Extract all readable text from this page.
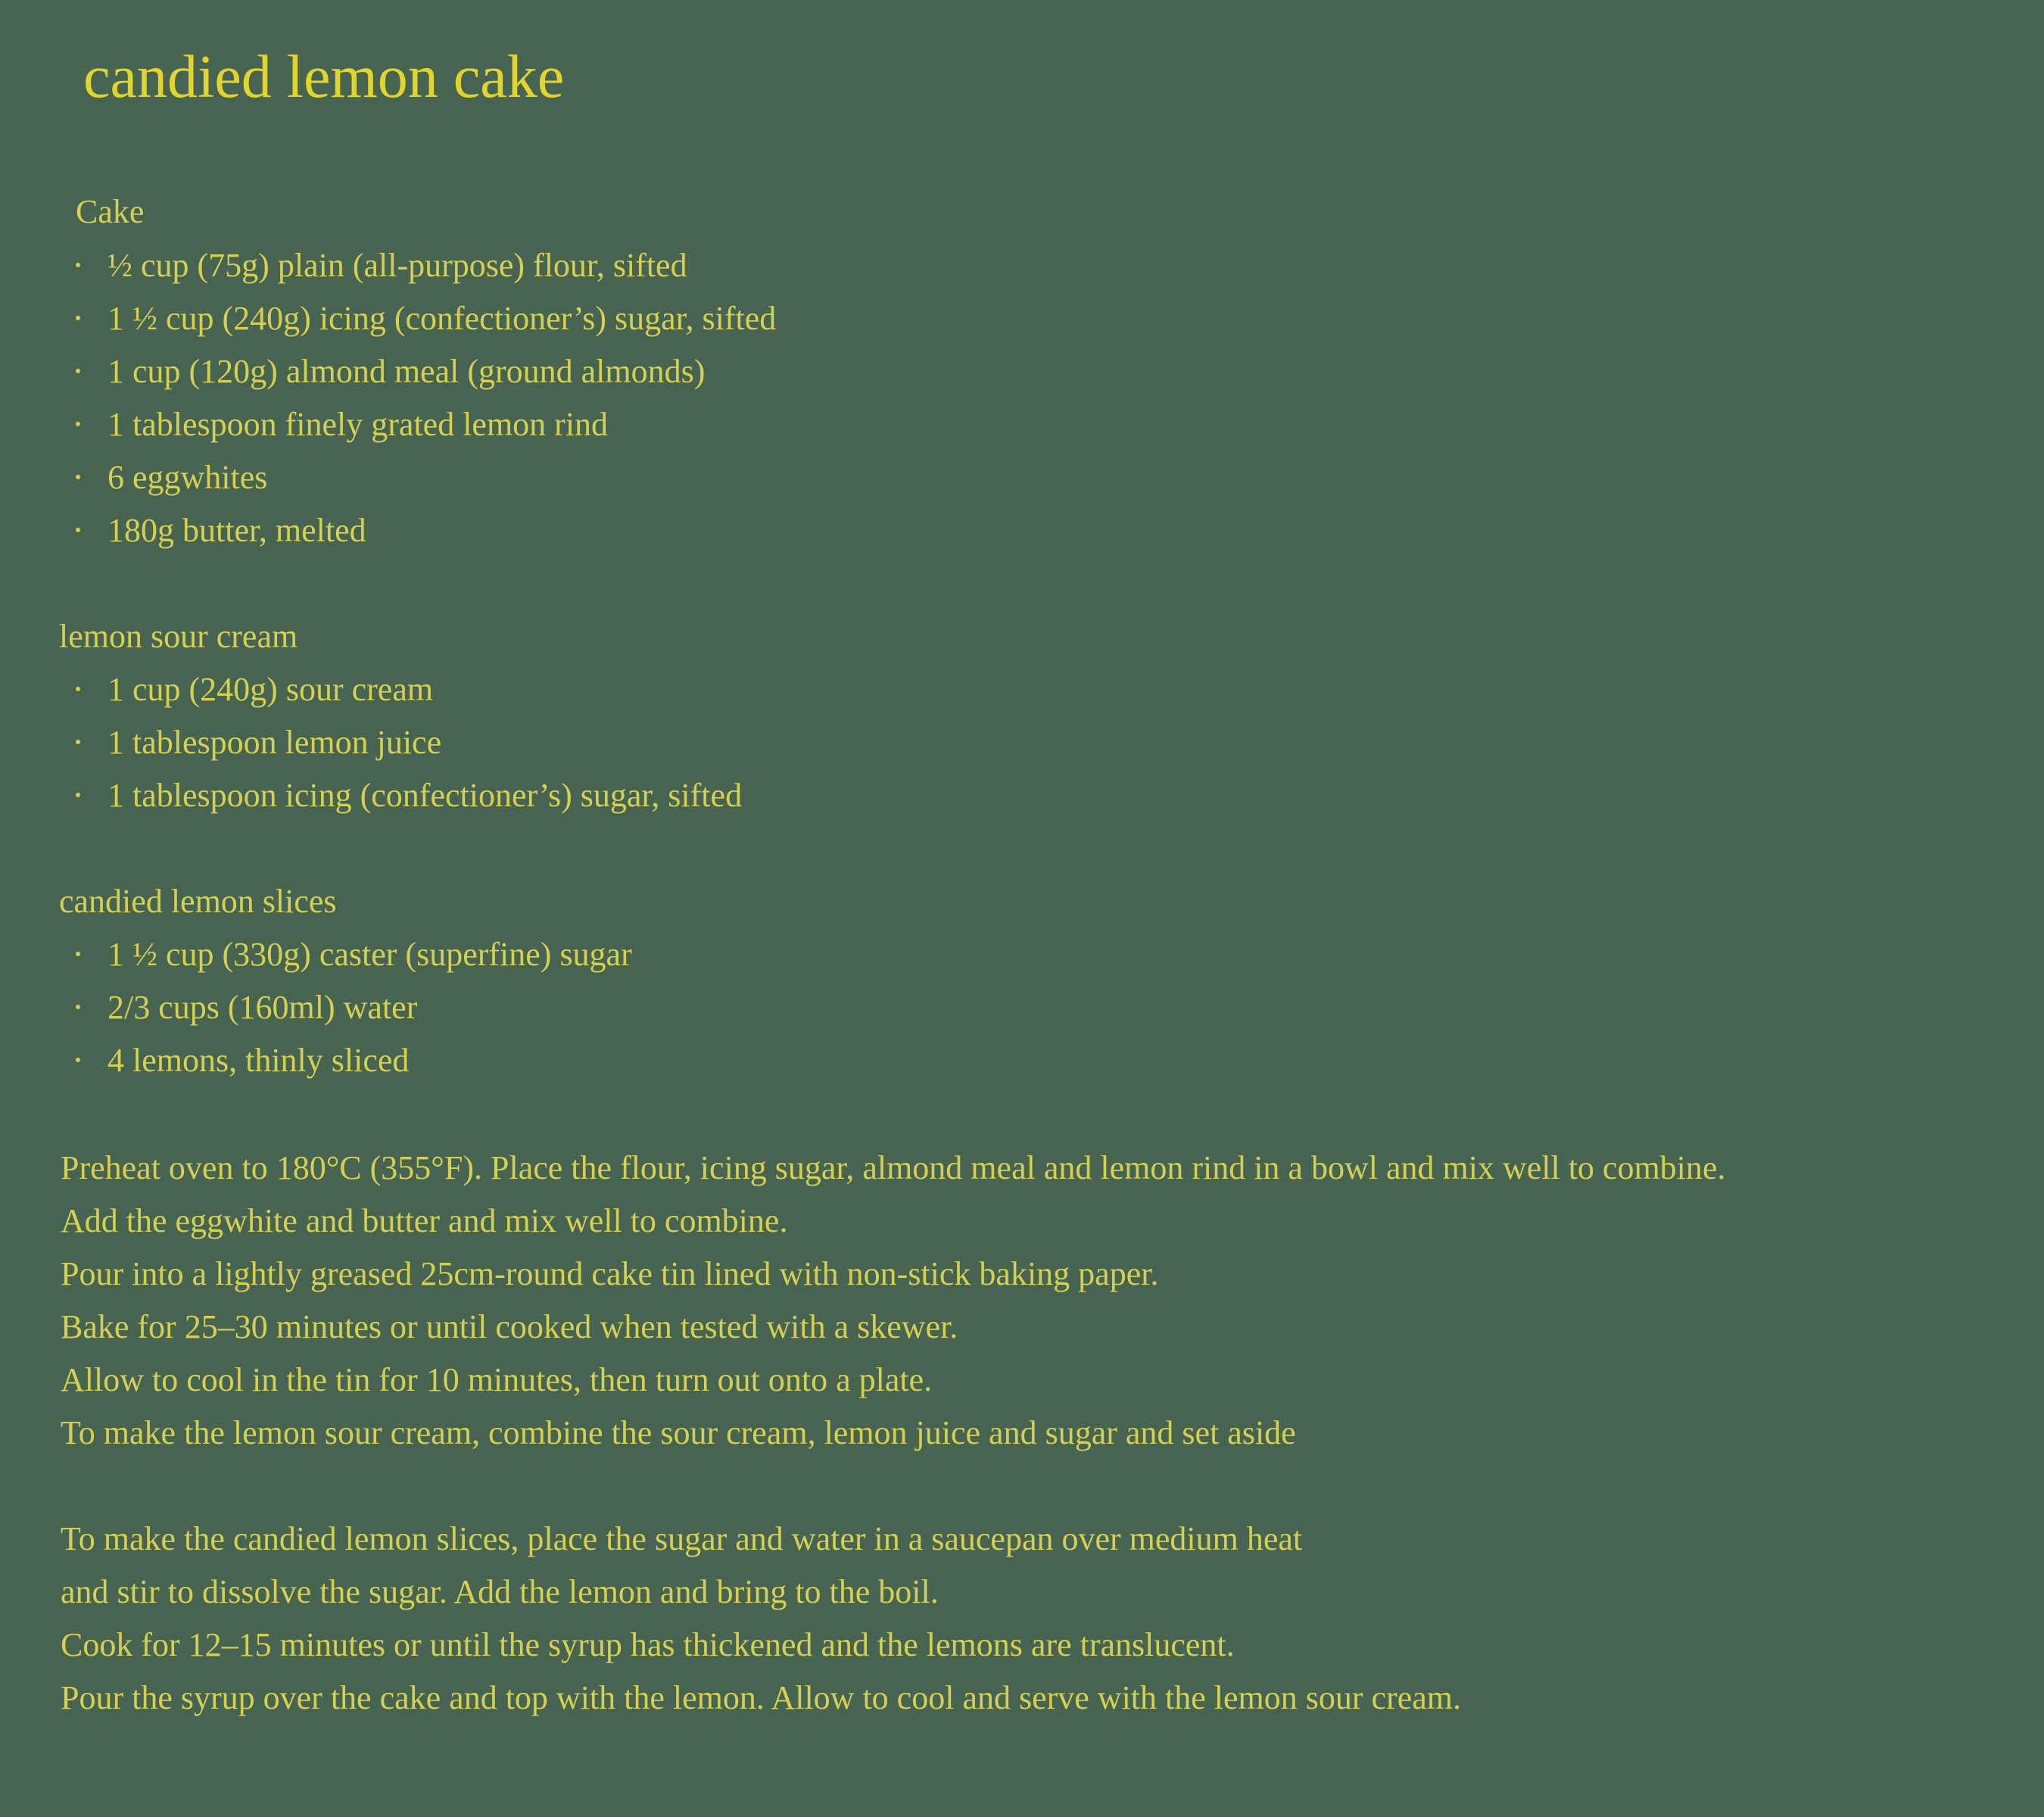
candied lemon cake
Cake
½ cup (75g) plain (all-purpose) flour, sifted
1 ½ cup (240g) icing (confectioner’s) sugar, sifted
1 cup (120g) almond meal (ground almonds)
1 tablespoon finely grated lemon rind
6 eggwhites
180g butter, melted
lemon sour cream
1 cup (240g) sour cream
1 tablespoon lemon juice
1 tablespoon icing (confectioner’s) sugar, sifted
candied lemon slices
1 ½ cup (330g) caster (superfine) sugar
2/3 cups (160ml) water
4 lemons, thinly sliced
Preheat oven to 180°C (355°F). Place the flour, icing sugar, almond meal and lemon rind in a bowl and mix well to combine.
Add the eggwhite and butter and mix well to combine.
Pour into a lightly greased 25cm-round cake tin lined with non-stick baking paper.
Bake for 25–30 minutes or until cooked when tested with a skewer.
Allow to cool in the tin for 10 minutes, then turn out onto a plate.
To make the lemon sour cream, combine the sour cream, lemon juice and sugar and set aside
To make the candied lemon slices, place the sugar and water in a saucepan over medium heat
and stir to dissolve the sugar. Add the lemon and bring to the boil.
Cook for 12–15 minutes or until the syrup has thickened and the lemons are translucent.
Pour the syrup over the cake and top with the lemon. Allow to cool and serve with the lemon sour cream.
